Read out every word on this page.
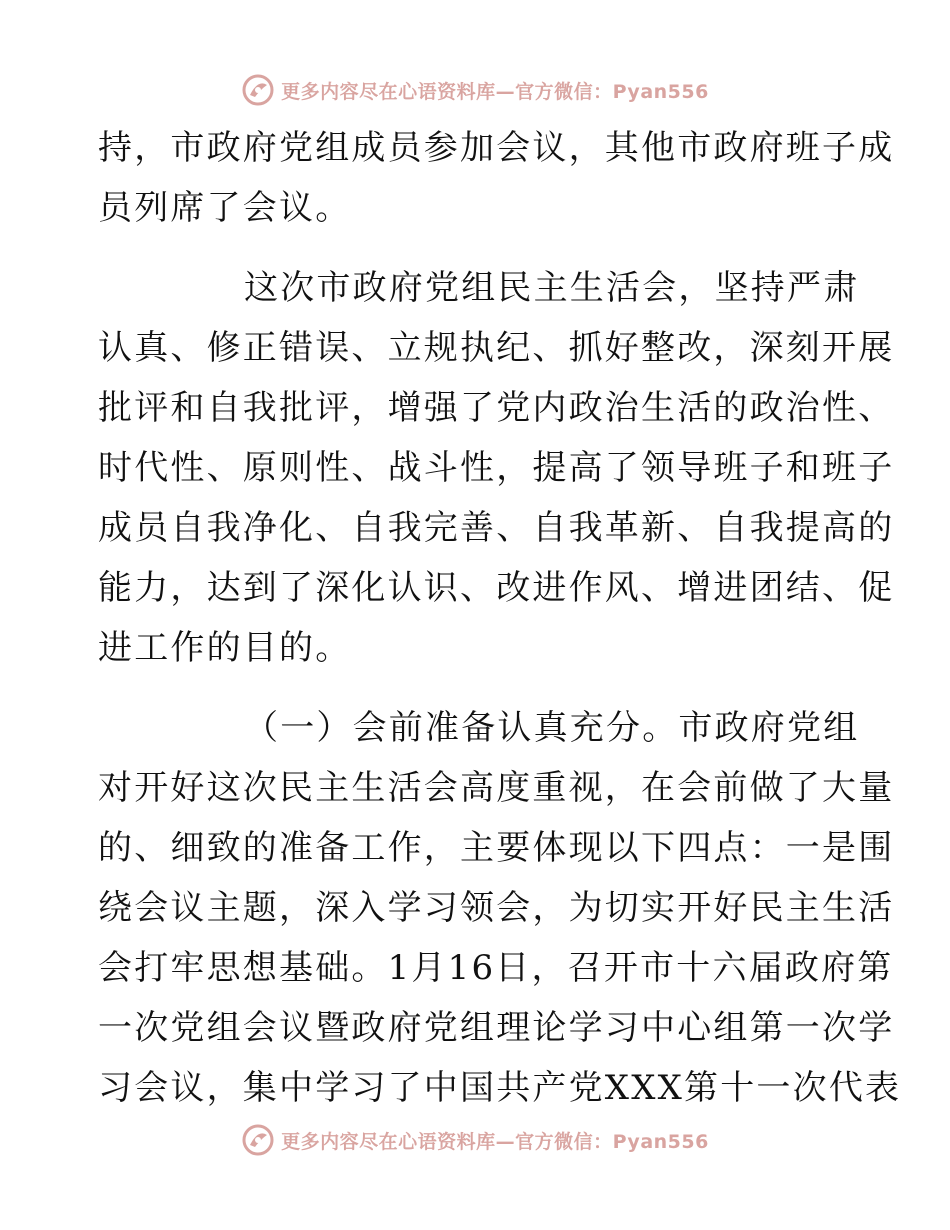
更多内容尽在心语资料库—官方微信：Pyan556
持，市政府党组成员参加会议，其他市政府班子成
员列席了会议。
这次市政府党组民主生活会，坚持严肃
认真、修正错误、立规执纪、抓好整改，深刻开展
批评和自我批评，增强了党内政治生活的政治性、
时代性、原则性、战斗性，提高了领导班子和班子
成员自我净化、自我完善、自我革新、自我提高的
能力，达到了深化认识、改进作风、增进团结、促
进工作的目的。
（一）会前准备认真充分。市政府党组
对开好这次民主生活会高度重视，在会前做了大量
的、细致的准备工作，主要体现以下四点：一是围
绕会议主题，深入学习领会，为切实开好民主生活
会打牢思想基础。1月16日，召开市十六届政府第
一次党组会议暨政府党组理论学习中心组第一次学
习会议，集中学习了中国共产党XXX第十一次代表
更多内容尽在心语资料库—官方微信：Pyan556
